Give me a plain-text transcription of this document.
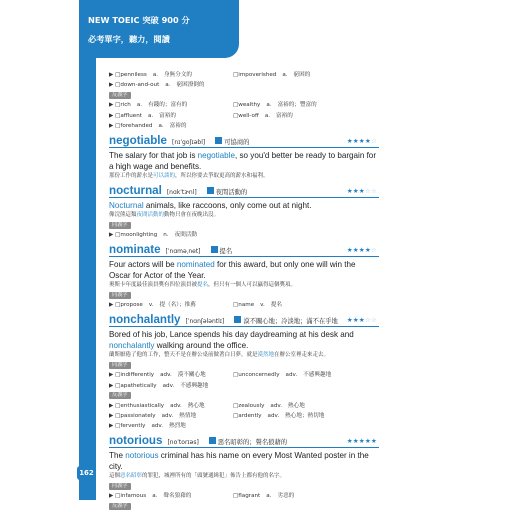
NEW TOEIC 突破 900 分
必考單字，聽力，閱讀
162
▶ □penniless a. 身無分文的	□impoverished a. 窮困的
▶ □down-and-out a. 窮困潦倒的
反義字
▶ □rich a. 有錢的；富有的	□wealthy a. 富裕的；豐富的
▶ □affluent a. 富裕的	□well-off a. 富裕的
▶ □forehanded a. 富裕的
negotiable [nɪˈgoʃɪəbl]	可協商的	★★★★☆
The salary for that job is negotiable, so you'd better be ready to bargain for a high wage and benefits.
那份工作的薪水是可以談的，所以你要去爭取更高的薪水和福利。
nocturnal [nɑkˈtɝnl]	夜間活動的	★★★☆☆
Nocturnal animals, like raccoons, only come out at night.
像浣熊這類夜間活動的動物只會在夜晚出沒。
同義字
▶ □moonlighting n. 夜間活動
nominate [ˈnɑməˌnet]	提名	★★★★☆
Four actors will be nominated for this award, but only one will win the Oscar for Actor of the Year.
奧斯卡年度最佳演員獎有四位演員被提名，但只有一個人可以贏得這個獎項。
同義字
▶ □propose v. 提（名）；推薦	□name v. 提名
nonchalantly [ˈnɑnʃələntlɪ]	漠不關心地；冷淡地；滿不在乎地 ★★★☆☆
Bored of his job, Lance spends his day daydreaming at his desk and nonchalantly walking around the office.
蘭斯厭倦了他的工作，整天不是在辦公桌前做著白日夢，就是漠然地在辦公室裡走來走去。
同義字
▶ □indifferently adv. 漠不關心地	□unconcernedly adv. 不感興趣地
▶ □apathetically adv. 不感興趣地
反義字
▶ □enthusiastically adv. 熱心地	□zealously adv. 熱心地
▶ □passionately adv. 熱情地	□ardently adv. 熱心地；熱切地
▶ □fervently adv. 熱烈地
notorious [noˈtorɪəs]	惡名昭彰的；聲名狼藉的	★★★★★
The notorious criminal has his name on every Most Wanted poster in the city.
這個惡名昭彰的罪犯，城裡所有的「頭號通緝犯」佈告上都有他的名字。
同義字
▶ □infamous a. 聲名狼藉的	□flagrant a. 劣惡的
反義字
